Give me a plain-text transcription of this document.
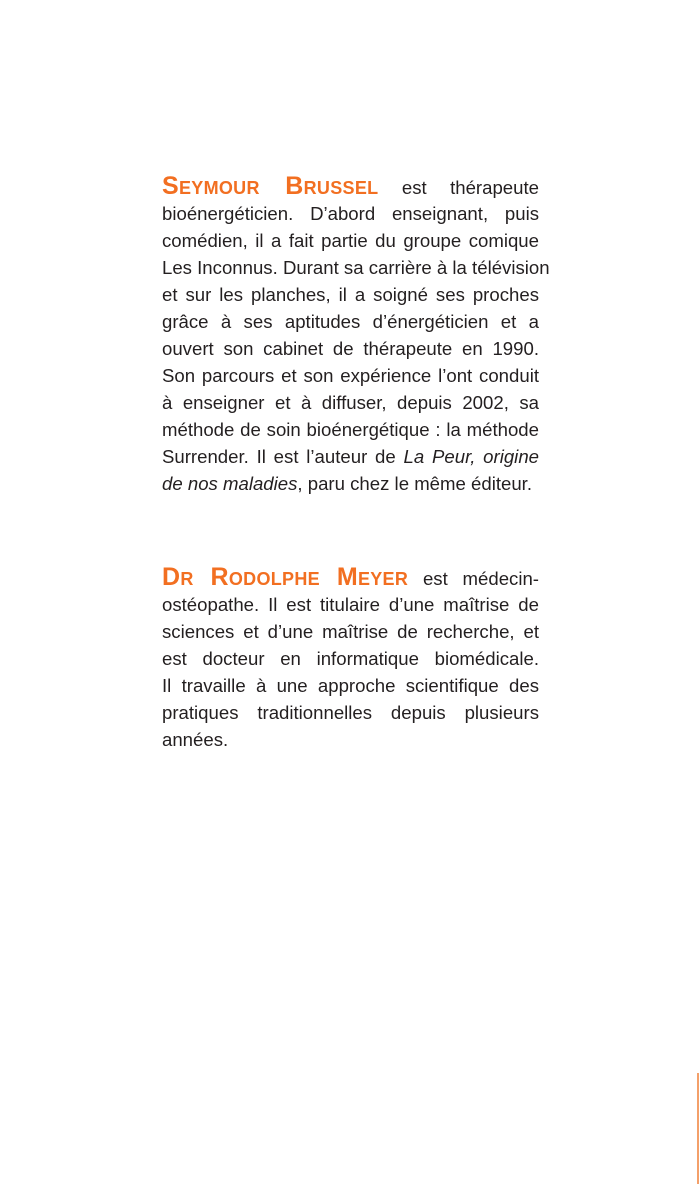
Seymour Brussel est thérapeute
bioénergéticien. D’abord enseignant, puis
comédien, il a fait partie du groupe comique
Les Inconnus. Durant sa carrière à la télévision
et sur les planches, il a soigné ses proches
grâce à ses aptitudes d’énergéticien et a
ouvert son cabinet de thérapeute en 1990.
Son parcours et son expérience l’ont conduit
à enseigner et à diffuser, depuis 2002, sa
méthode de soin bioénergétique : la méthode
Surrender. Il est l’auteur de La Peur, origine
de nos maladies, paru chez le même éditeur.
Dr Rodolphe Meyer est médecin-
ostéopathe. Il est titulaire d’une maîtrise de
sciences et d’une maîtrise de recherche, et
est docteur en informatique biomédicale.
Il travaille à une approche scientifique des
pratiques traditionnelles depuis plusieurs
années.
